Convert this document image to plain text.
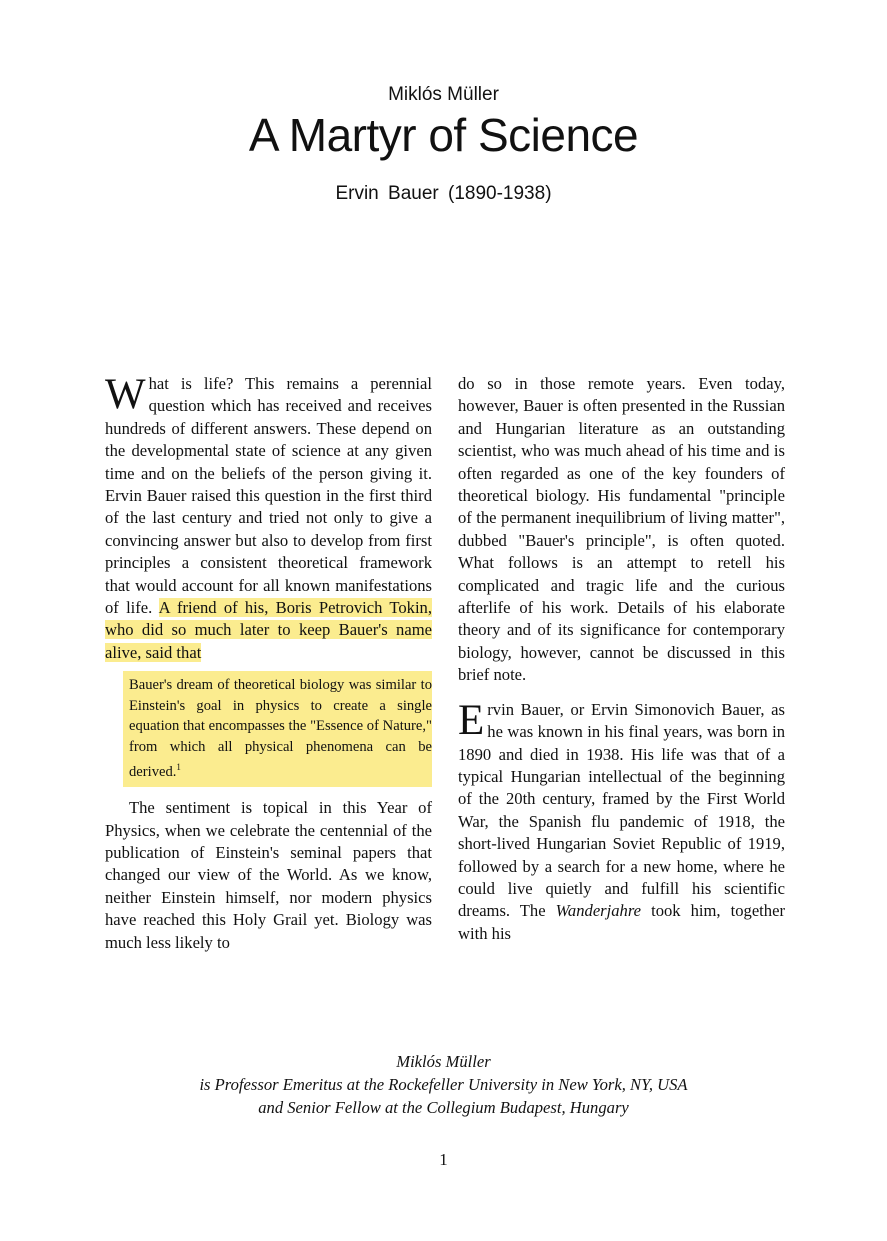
Miklós Müller
A Martyr of Science
Ervin Bauer (1890-1938)

What is life? This remains a perennial question which has received and receives hundreds of different answers. These depend on the developmental state of science at any given time and on the beliefs of the person giving it. Ervin Bauer raised this question in the first third of the last century and tried not only to give a convincing answer but also to develop from first principles a consistent theoretical framework that would account for all known manifestations of life. A friend of his, Boris Petrovich Tokin, who did so much later to keep Bauer's name alive, said that

Bauer's dream of theoretical biology was similar to Einstein's goal in physics to create a single equation that encompasses the "Essence of Nature," from which all physical phenomena can be derived.$^1$

The sentiment is topical in this Year of Physics, when we celebrate the centennial of the publication of Einstein's seminal papers that changed our view of the World. As we know, neither Einstein himself, nor modern physics have reached this Holy Grail yet. Biology was much less likely to

do so in those remote years. Even today, however, Bauer is often presented in the Russian and Hungarian literature as an outstanding scientist, who was much ahead of his time and is often regarded as one of the key founders of theoretical biology. His fundamental "principle of the permanent inequilibrium of living matter", dubbed "Bauer's principle", is often quoted. What follows is an attempt to retell his complicated and tragic life and the curious afterlife of his work. Details of his elaborate theory and of its significance for contemporary biology, however, cannot be discussed in this brief note.

Ervin Bauer, or Ervin Simonovich Bauer, as he was known in his final years, was born in 1890 and died in 1938. His life was that of a typical Hungarian intellectual of the beginning of the 20th century, framed by the First World War, the Spanish flu pandemic of 1918, the short-lived Hungarian Soviet Republic of 1919, followed by a search for a new home, where he could live quietly and fulfill his scientific dreams. The Wanderjahre took him, together with his

Miklós Müller
is Professor Emeritus at the Rockefeller University in New York, NY, USA
and Senior Fellow at the Collegium Budapest, Hungary
1
